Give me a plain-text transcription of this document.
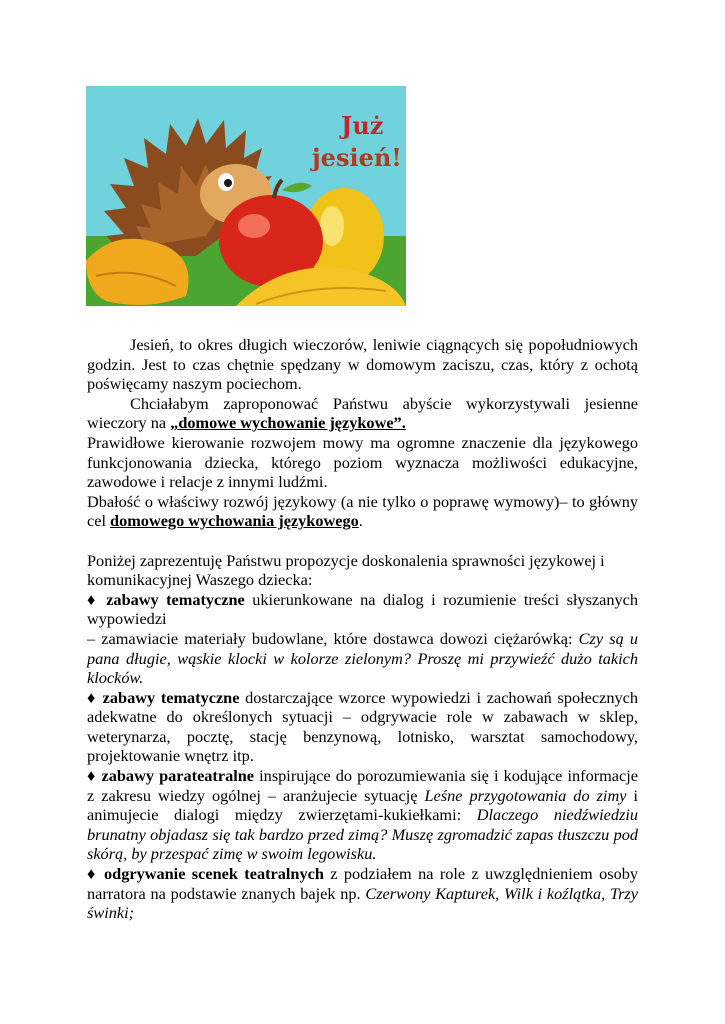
Już
jesień!

Jesień, to okres długich wieczorów, leniwie ciągnących się popołudniowych godzin. Jest to czas chętnie spędzany w domowym zaciszu, czas, który z ochotą poświęcamy naszym pociechom.

Chciałabym zaproponować Państwu abyście wykorzystywali jesienne wieczory na „domowe wychowanie językowe”.

Prawidłowe kierowanie rozwojem mowy ma ogromne znaczenie dla językowego funkcjonowania dziecka, którego poziom wyznacza możliwości edukacyjne, zawodowe i relacje z innymi ludźmi.

Dbałość o właściwy rozwój językowy (a nie tylko o poprawę wymowy)– to główny cel domowego wychowania językowego.

Poniżej zaprezentuję Państwu propozycje doskonalenia sprawności językowej i komunikacyjnej Waszego dziecka:

♦ zabawy tematyczne ukierunkowane na dialog i rozumienie treści słyszanych wypowiedzi

– zamawiacie materiały budowlane, które dostawca dowozi ciężarówką: Czy są u pana długie, wąskie klocki w kolorze zielonym? Proszę mi przywieźć dużo takich klocków.

♦ zabawy tematyczne dostarczające wzorce wypowiedzi i zachowań społecznych adekwatne do określonych sytuacji – odgrywacie role w zabawach w sklep, weterynarza, pocztę, stację benzynową, lotnisko, warsztat samochodowy, projektowanie wnętrz itp.

♦ zabawy parateatralne inspirujące do porozumiewania się i kodujące informacje z zakresu wiedzy ogólnej – aranżujecie sytuację Leśne przygotowania do zimy i animujecie dialogi między zwierzętami-kukiełkami: Dlaczego niedźwiedziu brunatny objadasz się tak bardzo przed zimą? Muszę zgromadzić zapas tłuszczu pod skórą, by przespać zimę w swoim legowisku.

♦ odgrywanie scenek teatralnych z podziałem na role z uwzględnieniem osoby narratora na podstawie znanych bajek np. Czerwony Kapturek, Wilk i koźlątka, Trzy świnki;
